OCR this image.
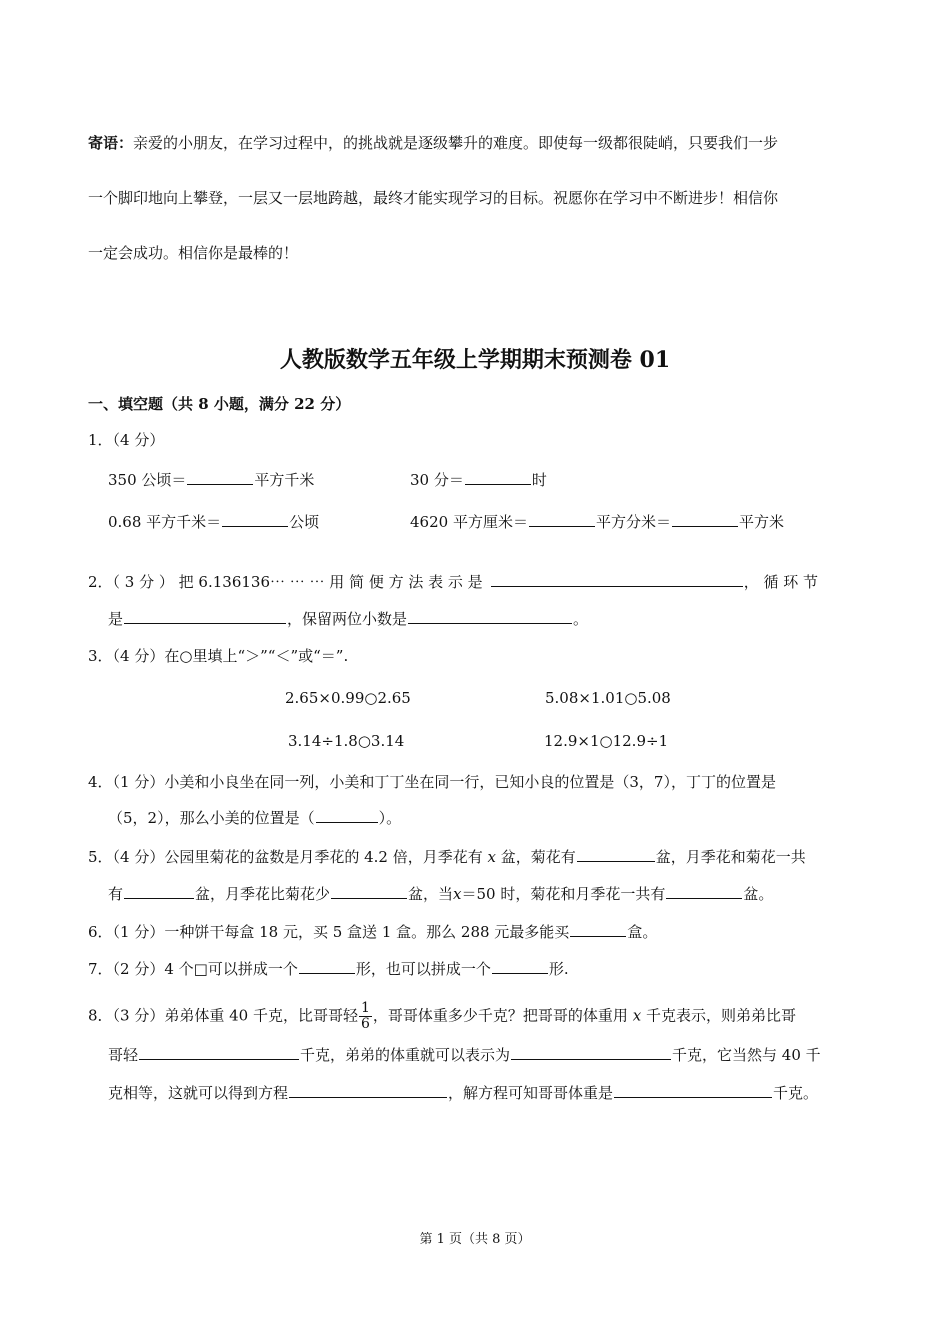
寄语：亲爱的小朋友，在学习过程中，的挑战就是逐级攀升的难度。即使每一级都很陡峭，只要我们一步
一个脚印地向上攀登，一层又一层地跨越，最终才能实现学习的目标。祝愿你在学习中不断进步！相信你
一定会成功。相信你是最棒的！
人教版数学五年级上学期期末预测卷 01
一、填空题（共 8 小题，满分 22 分）
1．（4 分）
350 公顷＝	平方千米	30 分＝	时
0.68 平方千米＝	公顷	4620 平方厘米＝	平方分米＝	平方米
2．（ 3 分 ） 把 6.136136⋯ ⋯ ⋯ 用 简 便 方 法 表 示 是	， 循 环 节
是	，保留两位小数是	。
3．（4 分）在○里填上“＞”“＜”或“＝”.
2.65×0.99○2.65	5.08×1.01○5.08
3.14÷1.8○3.14	12.9×1○12.9÷1
4．（1 分）小美和小良坐在同一列，小美和丁丁坐在同一行，已知小良的位置是（3，7），丁丁的位置是
（5，2），那么小美的位置是（	）。
5．（4 分）公园里菊花的盆数是月季花的 4.2 倍，月季花有 x 盆，菊花有	盆，月季花和菊花一共
有	盆，月季花比菊花少	盆，当x＝50 时，菊花和月季花一共有	盆。
6．（1 分）一种饼干每盒 18 元，买 5 盒送 1 盒。那么 288 元最多能买	盒。
7．（2 分）4 个□可以拼成一个	形，也可以拼成一个	形.
8．（3 分）弟弟体重 40 千克，比哥哥轻 $\frac{1}{6}$ ，哥哥体重多少千克？把哥哥的体重用 x 千克表示，则弟弟比哥
哥轻	千克，弟弟的体重就可以表示为	千克，它当然与 40 千
克相等，这就可以得到方程	，解方程可知哥哥体重是	千克。
第 1 页（共 8 页）
